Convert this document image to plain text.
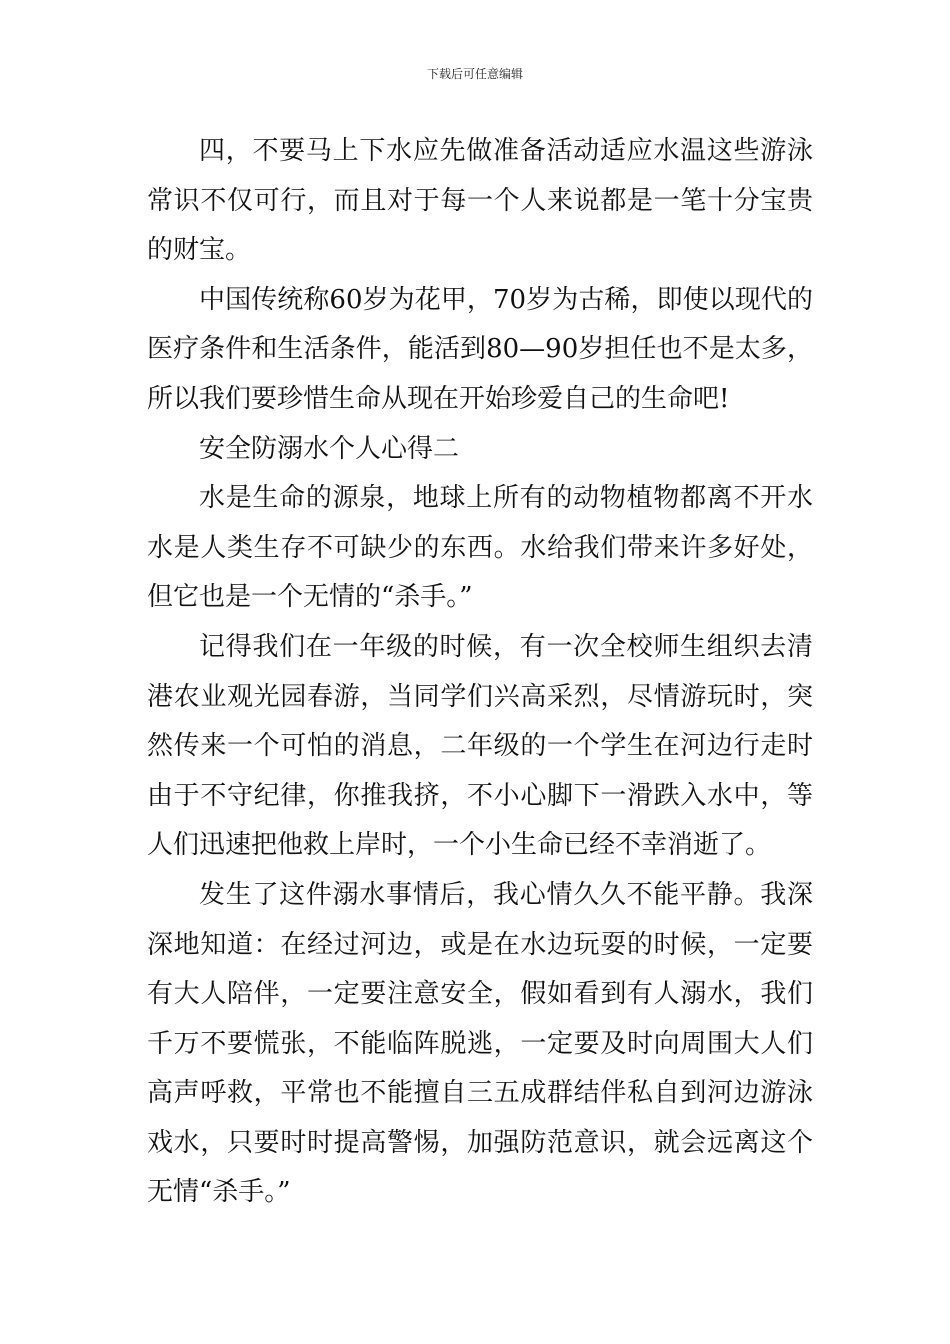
下载后可任意编辑

四，不要马上下水应先做准备活动适应水温这些游泳常识不仅可行，而且对于每一个人来说都是一笔十分宝贵的财宝。

中国传统称60岁为花甲，70岁为古稀，即使以现代的医疗条件和生活条件，能活到80—90岁担任也不是太多，所以我们要珍惜生命从现在开始珍爱自己的生命吧!

安全防溺水个人心得二

水是生命的源泉，地球上所有的动物植物都离不开水水是人类生存不可缺少的东西。水给我们带来许多好处，但它也是一个无情的“杀手。”

记得我们在一年级的时候，有一次全校师生组织去清港农业观光园春游，当同学们兴高采烈，尽情游玩时，突然传来一个可怕的消息，二年级的一个学生在河边行走时由于不守纪律，你推我挤，不小心脚下一滑跌入水中，等人们迅速把他救上岸时，一个小生命已经不幸消逝了。

发生了这件溺水事情后，我心情久久不能平静。我深深地知道：在经过河边，或是在水边玩耍的时候，一定要有大人陪伴，一定要注意安全，假如看到有人溺水，我们千万不要慌张，不能临阵脱逃，一定要及时向周围大人们高声呼救，平常也不能擅自三五成群结伴私自到河边游泳戏水，只要时时提高警惕，加强防范意识，就会远离这个无情“杀手。”
